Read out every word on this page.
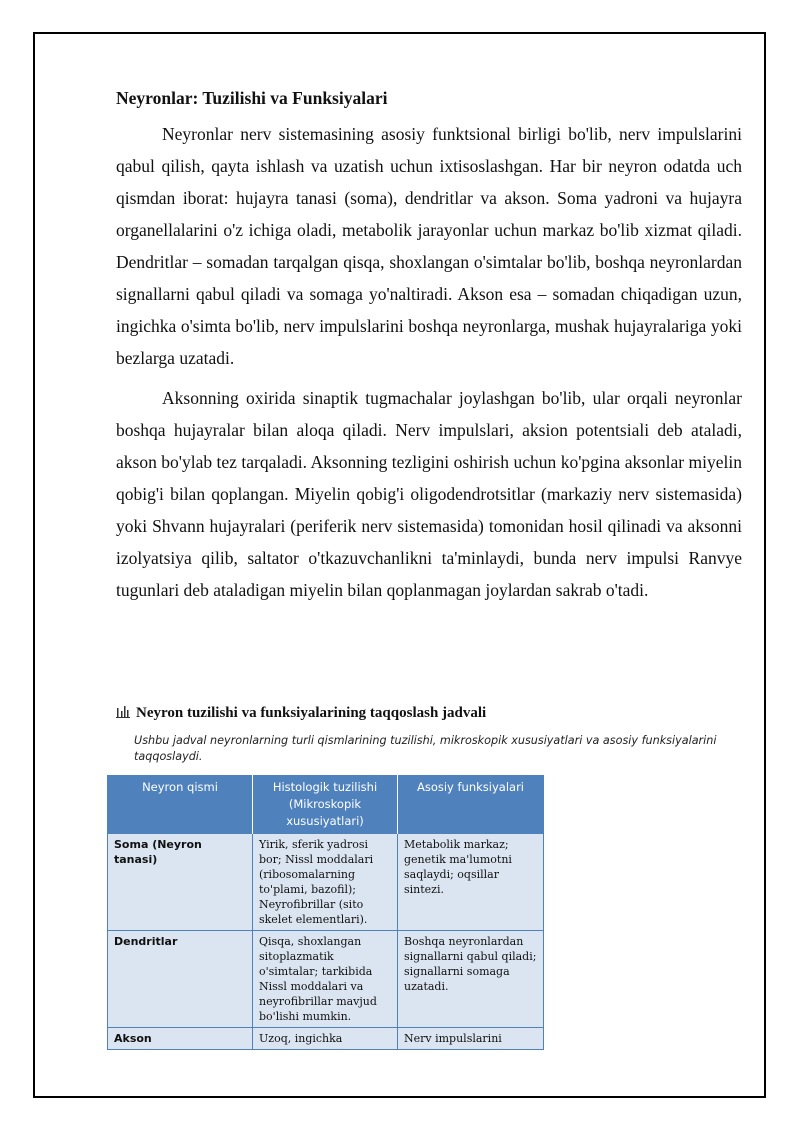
Neyronlar: Tuzilishi va Funksiyalari

Neyronlar nerv sistemasining asosiy funktsional birligi bo'lib, nerv impulslarini qabul qilish, qayta ishlash va uzatish uchun ixtisoslashgan. Har bir neyron odatda uch qismdan iborat: hujayra tanasi (soma), dendritlar va akson. Soma yadroni va hujayra organellalarini o'z ichiga oladi, metabolik jarayonlar uchun markaz bo'lib xizmat qiladi. Dendritlar – somadan tarqalgan qisqa, shoxlangan o'simtalar bo'lib, boshqa neyronlardan signallarni qabul qiladi va somaga yo'naltiradi. Akson esa – somadan chiqadigan uzun, ingichka o'simta bo'lib, nerv impulslarini boshqa neyronlarga, mushak hujayralariga yoki bezlarga uzatadi.

Aksonning oxirida sinaptik tugmachalar joylashgan bo'lib, ular orqali neyronlar boshqa hujayralar bilan aloqa qiladi. Nerv impulslari, aksion potentsiali deb ataladi, akson bo'ylab tez tarqaladi. Aksonning tezligini oshirish uchun ko'pgina aksonlar miyelin qobig'i bilan qoplangan. Miyelin qobig'i oligodendrotsitlar (markaziy nerv sistemasida) yoki Shvann hujayralari (periferik nerv sistemasida) tomonidan hosil qilinadi va aksonni izolyatsiya qilib, saltator o'tkazuvchanlikni ta'minlaydi, bunda nerv impulsi Ranvye tugunlari deb ataladigan miyelin bilan qoplanmagan joylardan sakrab o'tadi.

Neyron tuzilishi va funksiyalarining taqqoslash jadvali
Ushbu jadval neyronlarning turli qismlarining tuzilishi, mikroskopik xususiyatlari va asosiy funksiyalarini taqqoslaydi.
Neyron qismi	Histologik tuzilishi (Mikroskopik xususiyatlari)	Asosiy funksiyalari
Soma (Neyron tanasi)	Yirik, sferik yadrosi bor; Nissl moddalari (ribosomalarning to'plami, bazofil); Neyrofibrillar (sito skelet elementlari).	Metabolik markaz; genetik ma'lumotni saqlaydi; oqsillar sintezi.
Dendritlar	Qisqa, shoxlangan sitoplazmatik o'simtalar; tarkibida Nissl moddalari va neyrofibrillar mavjud bo'lishi mumkin.	Boshqa neyronlardan signallarni qabul qiladi; signallarni somaga uzatadi.
Akson	Uzoq, ingichka	Nerv impulslarini
